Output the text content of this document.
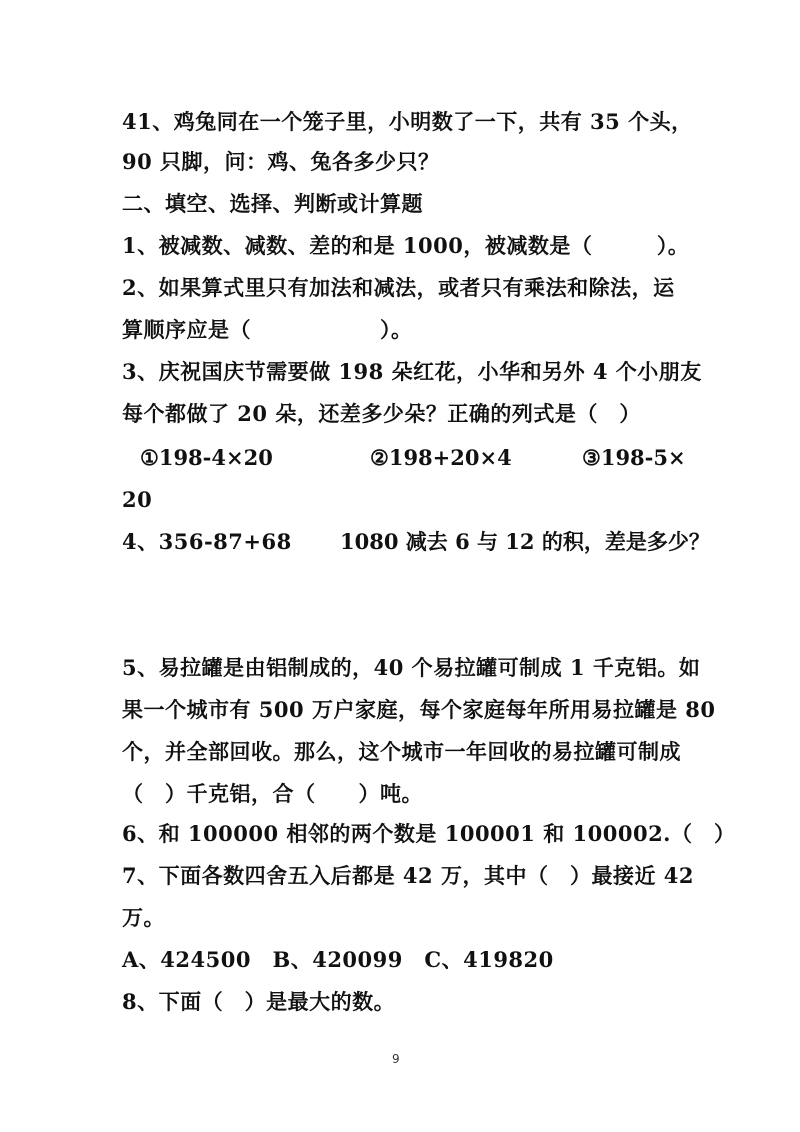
41、鸡兔同在一个笼子里，小明数了一下，共有 35 个头，
90 只脚，问：鸡、兔各多少只？
二、填空、选择、判断或计算题
1、被减数、减数、差的和是 1000，被减数是（　　　）。
2、如果算式里只有加法和减法，或者只有乘法和除法，运
算顺序应是（　　　　　　）。
3、庆祝国庆节需要做 198 朵红花，小华和另外 4 个小朋友
每个都做了 20 朵，还差多少朵？正确的列式是（　）
①198-4×20	②198+20×4	③198-5×
20
4、356-87+68 1080 减去 6 与 12 的积，差是多少？
5、易拉罐是由铝制成的，40 个易拉罐可制成 1 千克铝。如
果一个城市有 500 万户家庭，每个家庭每年所用易拉罐是 80
个，并全部回收。那么，这个城市一年回收的易拉罐可制成
（　）千克铝，合（　　）吨。
6、和 100000 相邻的两个数是 100001 和 100002.（　）
7、下面各数四舍五入后都是 42 万，其中（　）最接近 42
万。
A、424500　B、420099　C、419820
8、下面（　）是最大的数。
9
